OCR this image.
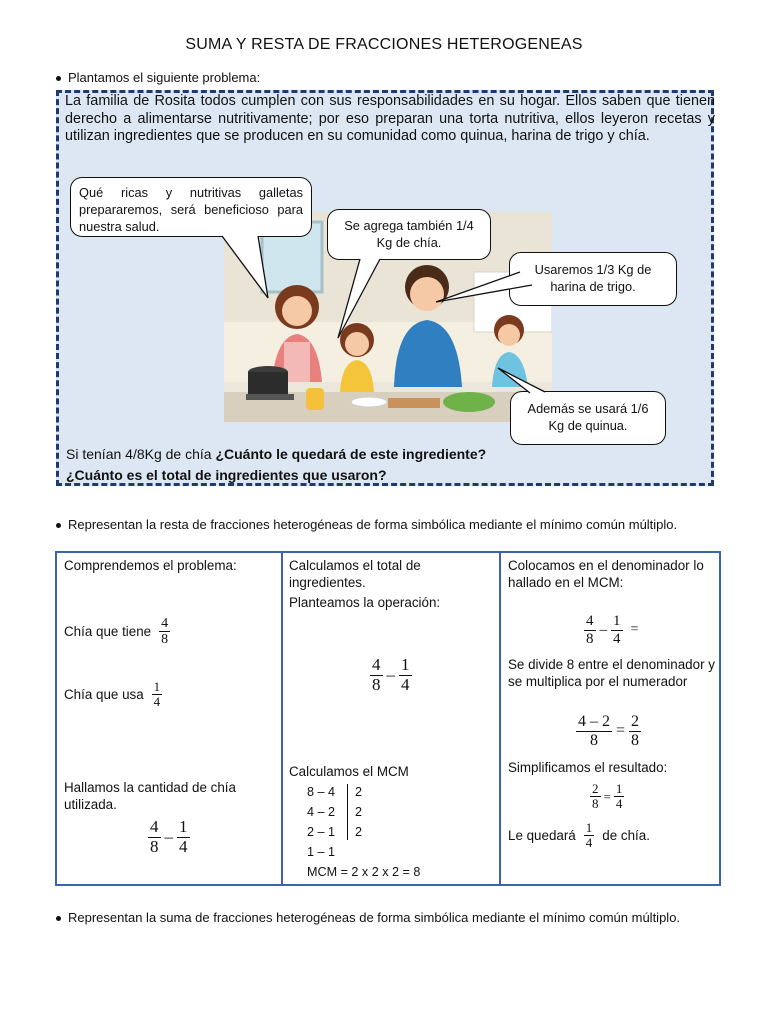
SUMA Y RESTA DE FRACCIONES HETEROGENEAS
Plantamos el siguiente problema:
La familia de Rosita todos cumplen con sus responsabilidades en su hogar. Ellos saben que tienen derecho a alimentarse nutritivamente; por eso preparan una torta nutritiva, ellos leyeron recetas y utilizan ingredientes que se producen en su comunidad como quinua, harina de trigo y chía.
Qué ricas y nutritivas galletas prepararemos, será beneficioso para nuestra salud.	Se agrega también 1/4 Kg de chía.
Usaremos 1/3 Kg de harina de trigo.
Además se usará 1/6 Kg de quinua.
Si tenían 4/8Kg de chía ¿Cuánto le quedará de este ingrediente?
¿Cuánto es el total de ingredientes que usaron?
Representan la resta de fracciones heterogéneas de forma simbólica mediante el mínimo común múltiplo.
Comprendemos el problema:
Chía que tiene $\frac{4}{8}$
Chía que usa $\frac{1}{4}$
Hallamos la cantidad de chía utilizada.
$\frac{4}{8} - \frac{1}{4}$
Calculamos el total de ingredientes.
Planteamos la operación:
$\frac{4}{8} - \frac{1}{4}$
Calculamos el MCM
8 – 4 2
4 – 2 2
2 – 1 2
1 – 1
MCM = 2 x 2 x 2 = 8
Colocamos en el denominador lo hallado en el MCM:
$\frac{4}{8} - \frac{1}{4}$ =
Se divide 8 entre el denominador y se multiplica por el numerador
$\frac{4 - 2}{8} = \frac{2}{8}$
Simplificamos el resultado:
$\frac{2}{8} = \frac{1}{4}$
Le quedará $\frac{1}{4}$ de chía.
Representan la suma de fracciones heterogéneas de forma simbólica mediante el mínimo común múltiplo.
